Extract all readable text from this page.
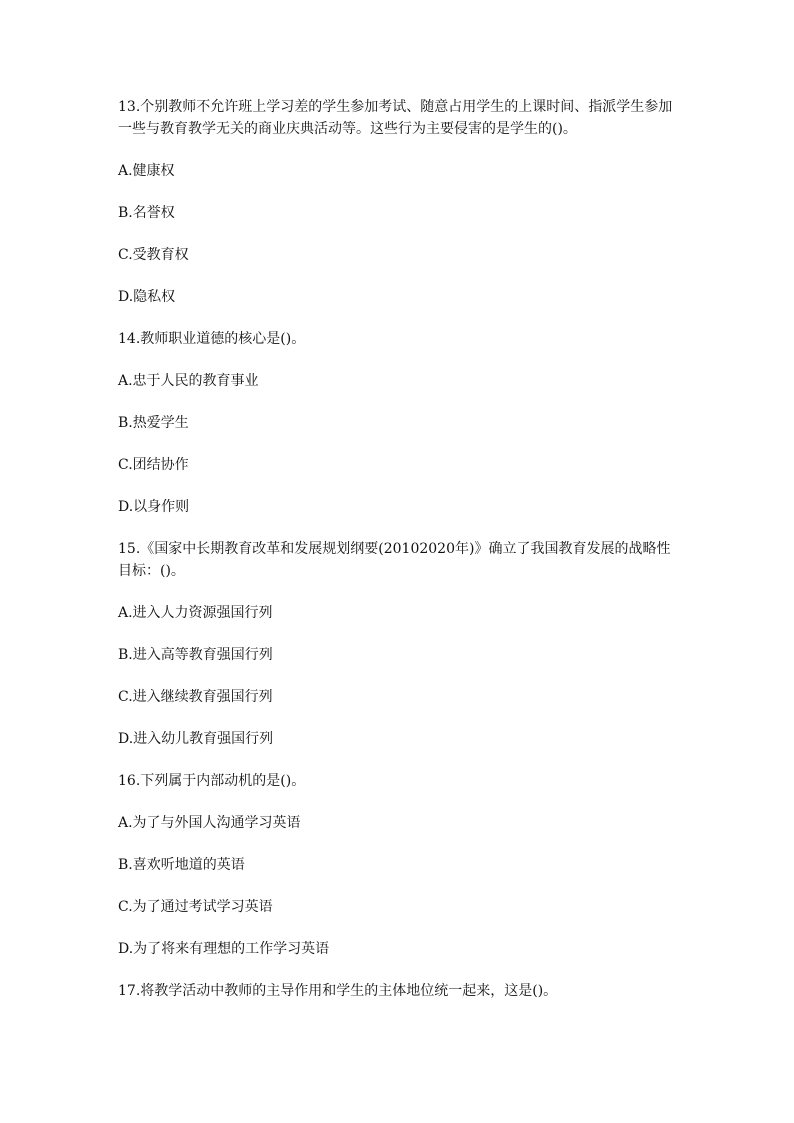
13.个别教师不允许班上学习差的学生参加考试、随意占用学生的上课时间、指派学生参加一些与教育教学无关的商业庆典活动等。这些行为主要侵害的是学生的()。
A.健康权
B.名誉权
C.受教育权
D.隐私权
14.教师职业道德的核心是()。
A.忠于人民的教育事业
B.热爱学生
C.团结协作
D.以身作则
15.《国家中长期教育改革和发展规划纲要(20102020年)》确立了我国教育发展的战略性目标：()。
A.进入人力资源强国行列
B.进入高等教育强国行列
C.进入继续教育强国行列
D.进入幼儿教育强国行列
16.下列属于内部动机的是()。
A.为了与外国人沟通学习英语
B.喜欢听地道的英语
C.为了通过考试学习英语
D.为了将来有理想的工作学习英语
17.将教学活动中教师的主导作用和学生的主体地位统一起来，这是()。
